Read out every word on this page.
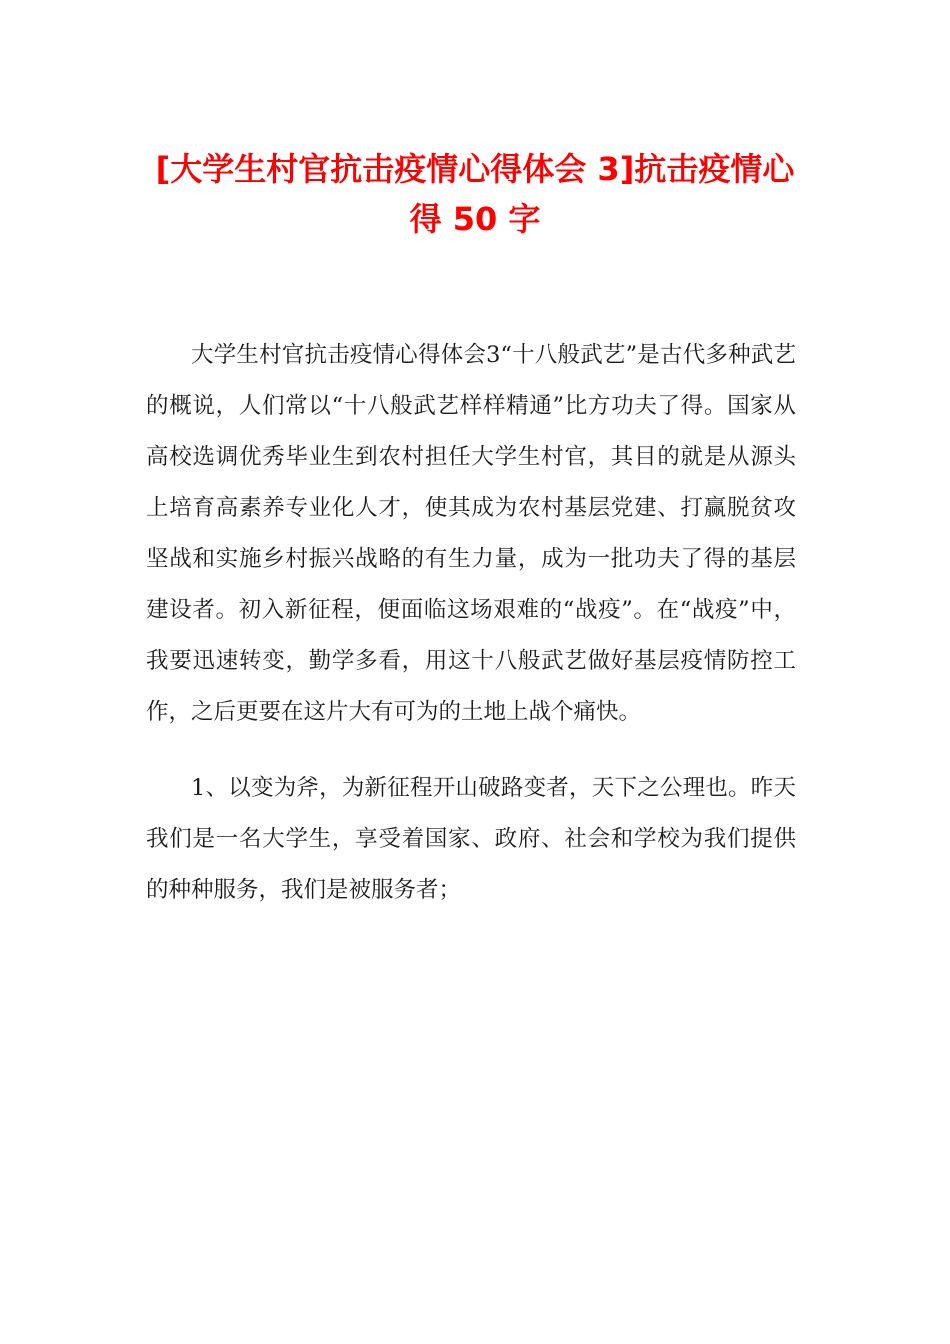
[大学生村官抗击疫情心得体会 3]抗击疫情心得 50 字

大学生村官抗击疫情心得体会3“十八般武艺”是古代多种武艺的概说，人们常以“十八般武艺样样精通”比方功夫了得。国家从高校选调优秀毕业生到农村担任大学生村官，其目的就是从源头上培育高素养专业化人才，使其成为农村基层党建、打赢脱贫攻坚战和实施乡村振兴战略的有生力量，成为一批功夫了得的基层建设者。初入新征程，便面临这场艰难的“战疫”。在“战疫”中，我要迅速转变，勤学多看，用这十八般武艺做好基层疫情防控工作，之后更要在这片大有可为的土地上战个痛快。

1、以变为斧，为新征程开山破路变者，天下之公理也。昨天我们是一名大学生，享受着国家、政府、社会和学校为我们提供的种种服务，我们是被服务者；
